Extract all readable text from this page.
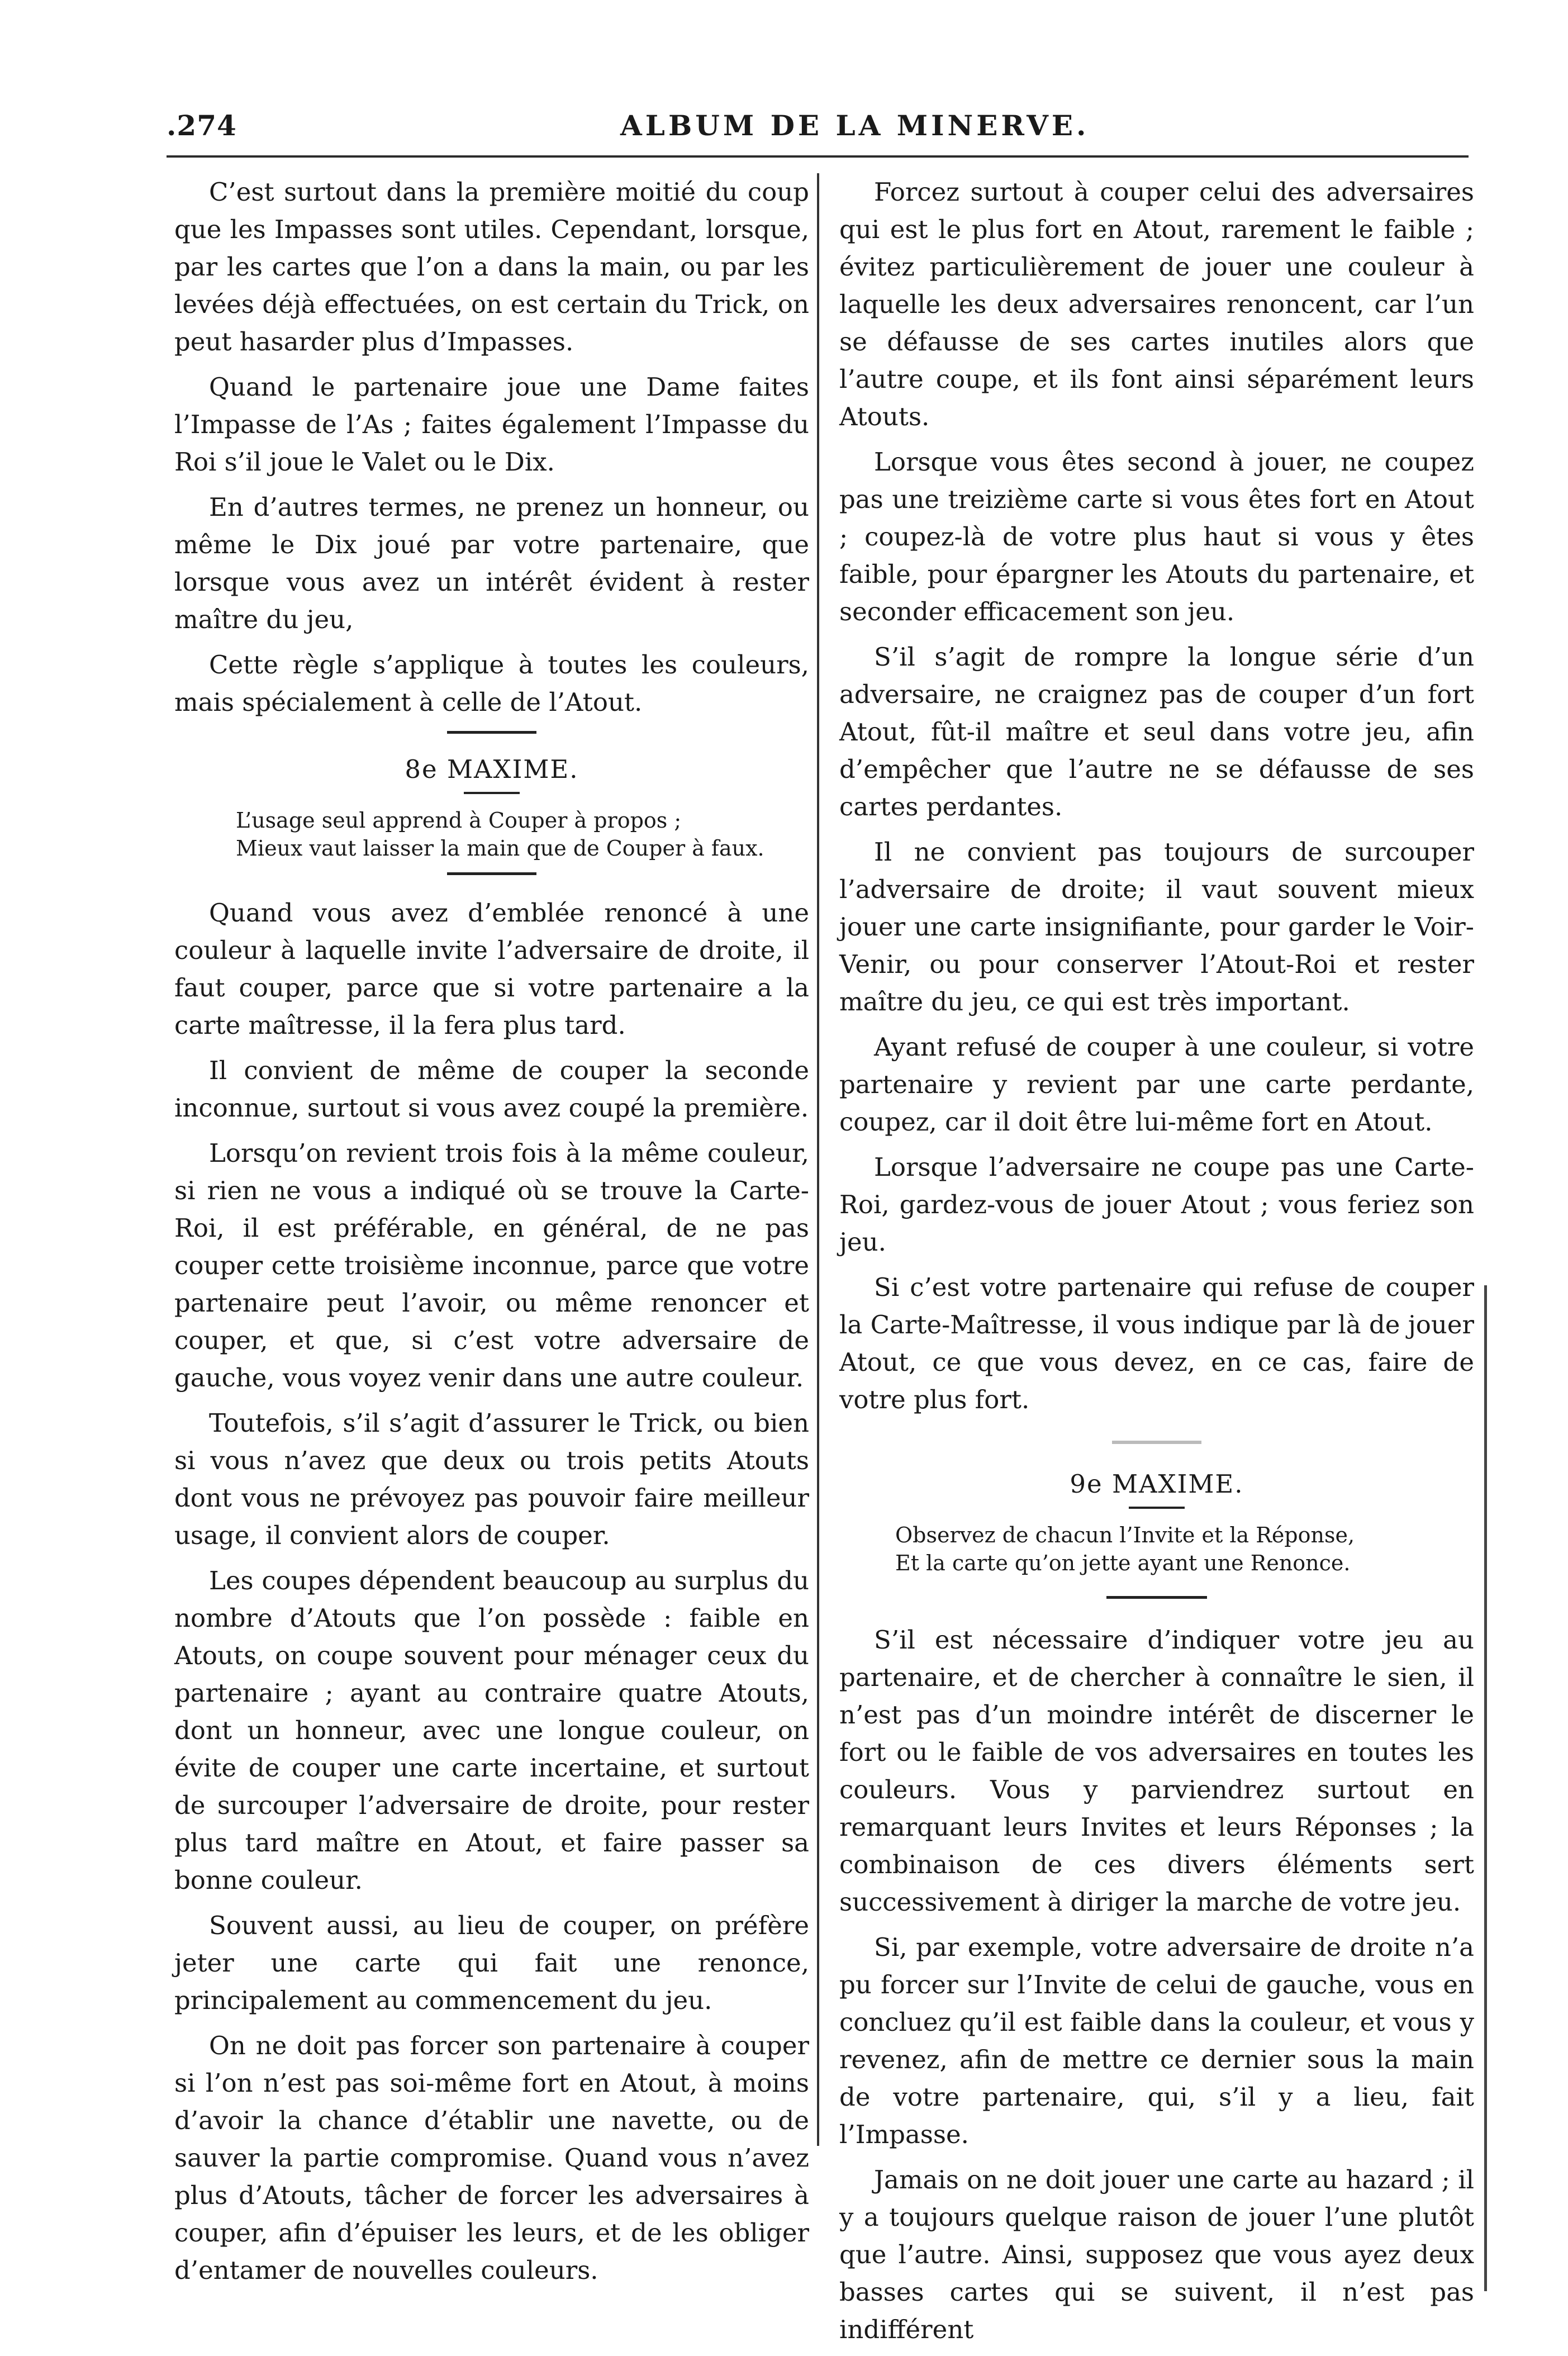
.274	ALBUM DE LA MINERVE.

C’est surtout dans la première moitié du coup que les Impasses sont utiles. Cependant, lorsque, par les cartes que l’on a dans la main, ou par les levées déjà effectuées, on est certain du Trick, on peut hasarder plus d’Impasses.

Quand le partenaire joue une Dame faites l’Impasse de l’As ; faites également l’Impasse du Roi s’il joue le Valet ou le Dix.

En d’autres termes, ne prenez un honneur, ou même le Dix joué par votre partenaire, que lorsque vous avez un intérêt évident à rester maître du jeu,

Cette règle s’applique à toutes les couleurs, mais spécialement à celle de l’Atout.

8e MAXIME.

L’usage seul apprend à Couper à propos ;
Mieux vaut laisser la main que de Couper à faux.

Quand vous avez d’emblée renoncé à une couleur à laquelle invite l’adversaire de droite, il faut couper, parce que si votre partenaire a la carte maîtresse, il la fera plus tard.

Il convient de même de couper la seconde inconnue, surtout si vous avez coupé la première.

Lorsqu’on revient trois fois à la même couleur, si rien ne vous a indiqué où se trouve la Carte-Roi, il est préférable, en général, de ne pas couper cette troisième inconnue, parce que votre partenaire peut l’avoir, ou même renoncer et couper, et que, si c’est votre adversaire de gauche, vous voyez venir dans une autre couleur.

Toutefois, s’il s’agit d’assurer le Trick, ou bien si vous n’avez que deux ou trois petits Atouts dont vous ne prévoyez pas pouvoir faire meilleur usage, il convient alors de couper.

Les coupes dépendent beaucoup au surplus du nombre d’Atouts que l’on possède : faible en Atouts, on coupe souvent pour ménager ceux du partenaire ; ayant au contraire quatre Atouts, dont un honneur, avec une longue couleur, on évite de couper une carte incertaine, et surtout de surcouper l’adversaire de droite, pour rester plus tard maître en Atout, et faire passer sa bonne couleur.

Souvent aussi, au lieu de couper, on préfère jeter une carte qui fait une renonce, principalement au commencement du jeu.

On ne doit pas forcer son partenaire à couper si l’on n’est pas soi-même fort en Atout, à moins d’avoir la chance d’établir une navette, ou de sauver la partie compromise. Quand vous n’avez plus d’Atouts, tâcher de forcer les adversaires à couper, afin d’épuiser les leurs, et de les obliger d’entamer de nouvelles couleurs.

Forcez surtout à couper celui des adversaires qui est le plus fort en Atout, rarement le faible ; évitez particulièrement de jouer une couleur à laquelle les deux adversaires renoncent, car l’un se défausse de ses cartes inutiles alors que l’autre coupe, et ils font ainsi séparément leurs Atouts.

Lorsque vous êtes second à jouer, ne coupez pas une treizième carte si vous êtes fort en Atout ; coupez-là de votre plus haut si vous y êtes faible, pour épargner les Atouts du partenaire, et seconder efficacement son jeu.

S’il s’agit de rompre la longue série d’un adversaire, ne craignez pas de couper d’un fort Atout, fût-il maître et seul dans votre jeu, afin d’empêcher que l’autre ne se défausse de ses cartes perdantes.

Il ne convient pas toujours de surcouper l’adversaire de droite; il vaut souvent mieux jouer une carte insignifiante, pour garder le Voir-Venir, ou pour conserver l’Atout-Roi et rester maître du jeu, ce qui est très important.

Ayant refusé de couper à une couleur, si votre partenaire y revient par une carte perdante, coupez, car il doit être lui-même fort en Atout.

Lorsque l’adversaire ne coupe pas une Carte-Roi, gardez-vous de jouer Atout ; vous feriez son jeu.

Si c’est votre partenaire qui refuse de couper la Carte-Maîtresse, il vous indique par là de jouer Atout, ce que vous devez, en ce cas, faire de votre plus fort.

9e MAXIME.

Observez de chacun l’Invite et la Réponse,
Et la carte qu’on jette ayant une Renonce.

S’il est nécessaire d’indiquer votre jeu au partenaire, et de chercher à connaître le sien, il n’est pas d’un moindre intérêt de discerner le fort ou le faible de vos adversaires en toutes les couleurs. Vous y parviendrez surtout en remarquant leurs Invites et leurs Réponses ; la combinaison de ces divers éléments sert successivement à diriger la marche de votre jeu.

Si, par exemple, votre adversaire de droite n’a pu forcer sur l’Invite de celui de gauche, vous en concluez qu’il est faible dans la couleur, et vous y revenez, afin de mettre ce dernier sous la main de votre partenaire, qui, s’il y a lieu, fait l’Impasse.

Jamais on ne doit jouer une carte au hazard ; il y a toujours quelque raison de jouer l’une plutôt que l’autre. Ainsi, supposez que vous ayez deux basses cartes qui se suivent, il n’est pas indifférent
